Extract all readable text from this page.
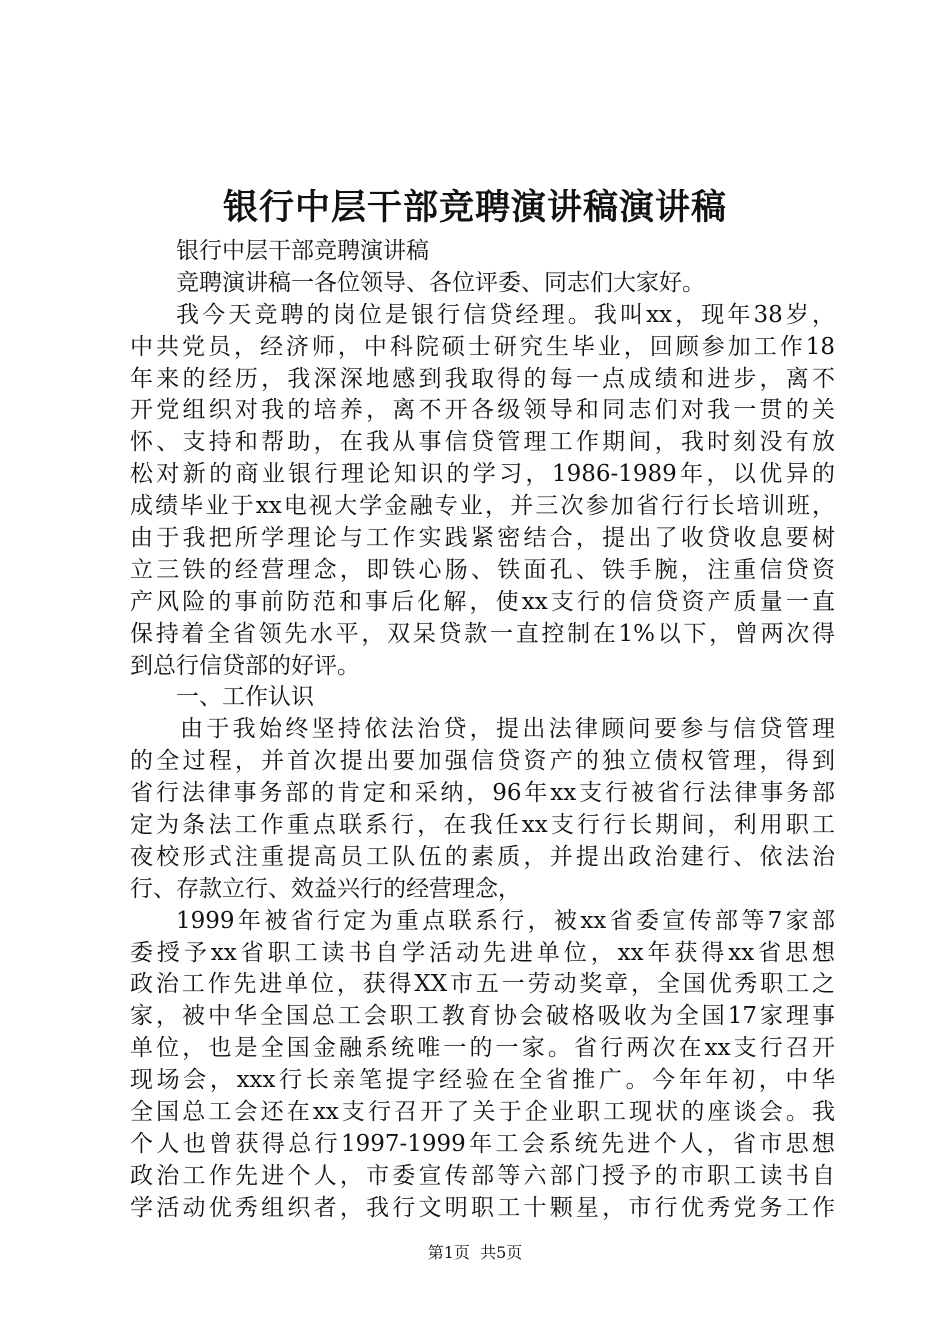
银行中层干部竞聘演讲稿演讲稿
银行中层干部竞聘演讲稿
竞聘演讲稿一各位领导、各位评委、同志们大家好。
我今天竞聘的岗位是银行信贷经理。我叫xx，现年38岁，
中共党员，经济师，中科院硕士研究生毕业，回顾参加工作18
年来的经历，我深深地感到我取得的每一点成绩和进步，离不
开党组织对我的培养，离不开各级领导和同志们对我一贯的关
怀、支持和帮助，在我从事信贷管理工作期间，我时刻没有放
松对新的商业银行理论知识的学习，1986-1989年，以优异的
成绩毕业于xx电视大学金融专业，并三次参加省行行长培训班，
由于我把所学理论与工作实践紧密结合，提出了收贷收息要树
立三铁的经营理念，即铁心肠、铁面孔、铁手腕，注重信贷资
产风险的事前防范和事后化解，使xx支行的信贷资产质量一直
保持着全省领先水平，双呆贷款一直控制在1%以下，曾两次得
到总行信贷部的好评。
一、工作认识
由于我始终坚持依法治贷，提出法律顾问要参与信贷管理
的全过程，并首次提出要加强信贷资产的独立债权管理，得到
省行法律事务部的肯定和采纳，96年xx支行被省行法律事务部
定为条法工作重点联系行，在我任xx支行行长期间，利用职工
夜校形式注重提高员工队伍的素质，并提出政治建行、依法治
行、存款立行、效益兴行的经营理念，
1999年被省行定为重点联系行，被xx省委宣传部等7家部
委授予xx省职工读书自学活动先进单位，xx年获得xx省思想
政治工作先进单位，获得XX市五一劳动奖章，全国优秀职工之
家，被中华全国总工会职工教育协会破格吸收为全国17家理事
单位，也是全国金融系统唯一的一家。省行两次在xx支行召开
现场会，xxx行长亲笔提字经验在全省推广。今年年初，中华
全国总工会还在xx支行召开了关于企业职工现状的座谈会。我
个人也曾获得总行1997-1999年工会系统先进个人，省市思想
政治工作先进个人，市委宣传部等六部门授予的市职工读书自
学活动优秀组织者，我行文明职工十颗星，市行优秀党务工作
第1页  共5页
